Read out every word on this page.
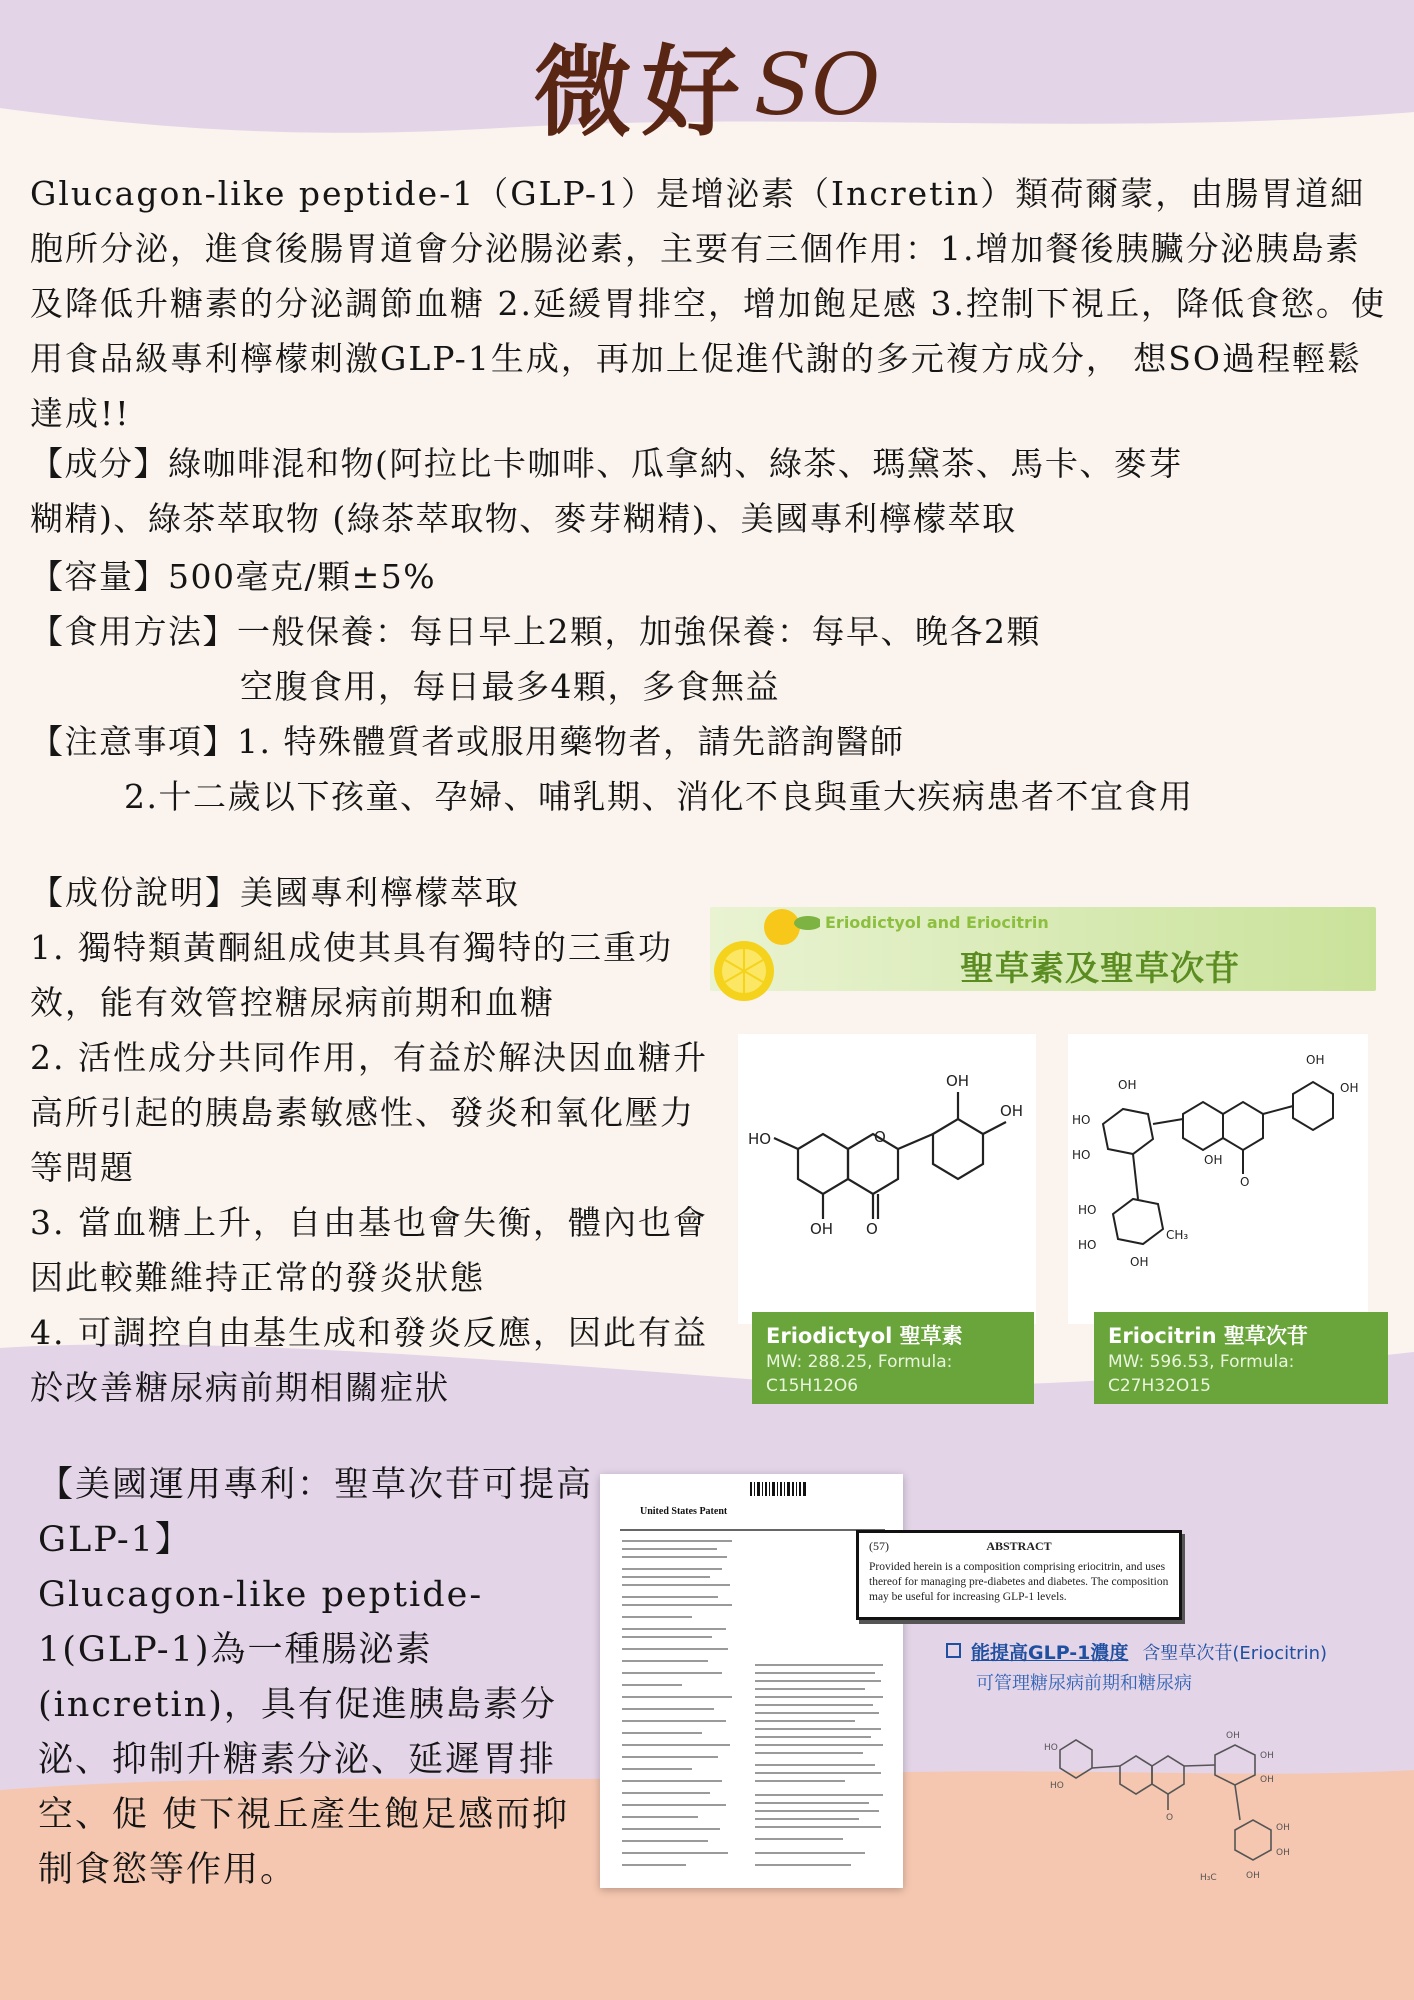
微好SO
Glucagon-like peptide-1（GLP-1）是增泌素（Incretin）類荷爾蒙，由腸胃道細胞所分泌，進食後腸胃道會分泌腸泌素，主要有三個作用：1.增加餐後胰臟分泌胰島素及降低升糖素的分泌調節血糖 2.延緩胃排空，增加飽足感 3.控制下視丘，降低食慾。使用食品級專利檸檬刺激GLP-1生成，再加上促進代謝的多元複方成分， 想SO過程輕鬆達成!!
【成分】綠咖啡混和物(阿拉比卡咖啡、瓜拿納、綠茶、瑪黛茶、馬卡、麥芽
糊精)、綠茶萃取物 (綠茶萃取物、麥芽糊精)、美國專利檸檬萃取
【容量】500毫克/顆±5%
【食用方法】一般保養：每日早上2顆，加強保養：每早、晚各2顆
空腹食用，每日最多4顆，多食無益
【注意事項】1. 特殊體質者或服用藥物者，請先諮詢醫師
2.十二歲以下孩童、孕婦、哺乳期、消化不良與重大疾病患者不宜食用

【成份說明】美國專利檸檬萃取

1. 獨特類黃酮組成使其具有獨特的三重功效，能有效管控糖尿病前期和血糖

2. 活性成分共同作用，有益於解決因血糖升高所引起的胰島素敏感性、發炎和氧化壓力等問題

3. 當血糖上升，自由基也會失衡，體內也會因此較難維持正常的發炎狀態

4. 可調控自由基生成和發炎反應，因此有益於改善糖尿病前期相關症狀

Eriodictyol and Eriocitrin
聖草素及聖草次苷
HO	O
OH
OH
OH O
Eriodictyol 聖草素
MW: 288.25, Formula: C15H12O6
OH
HO
HO
OH
OH
OH
O
HO
HO
CH₃
OH
Eriocitrin 聖草次苷
MW: 596.53, Formula: C27H32O15

【美國運用專利：聖草次苷可提高GLP-1】

Glucagon-like peptide-1(GLP-1)為一種腸泌素(incretin)，具有促進胰島素分泌、抑制升糖素分泌、延遲胃排空、促 使下視丘產生飽足感而抑制食慾等作用。

United States Patent
(57)	ABSTRACT
Provided herein is a composition comprising eriocitrin, and uses thereof for managing pre-diabetes and diabetes. The composition may be useful for increasing GLP-1 levels.
能提高GLP-1濃度 含聖草次苷(Eriocitrin)
可管理糖尿病前期和糖尿病
HO
HO
O
OH
OH
OH
OH
OH
H₃C	OH
